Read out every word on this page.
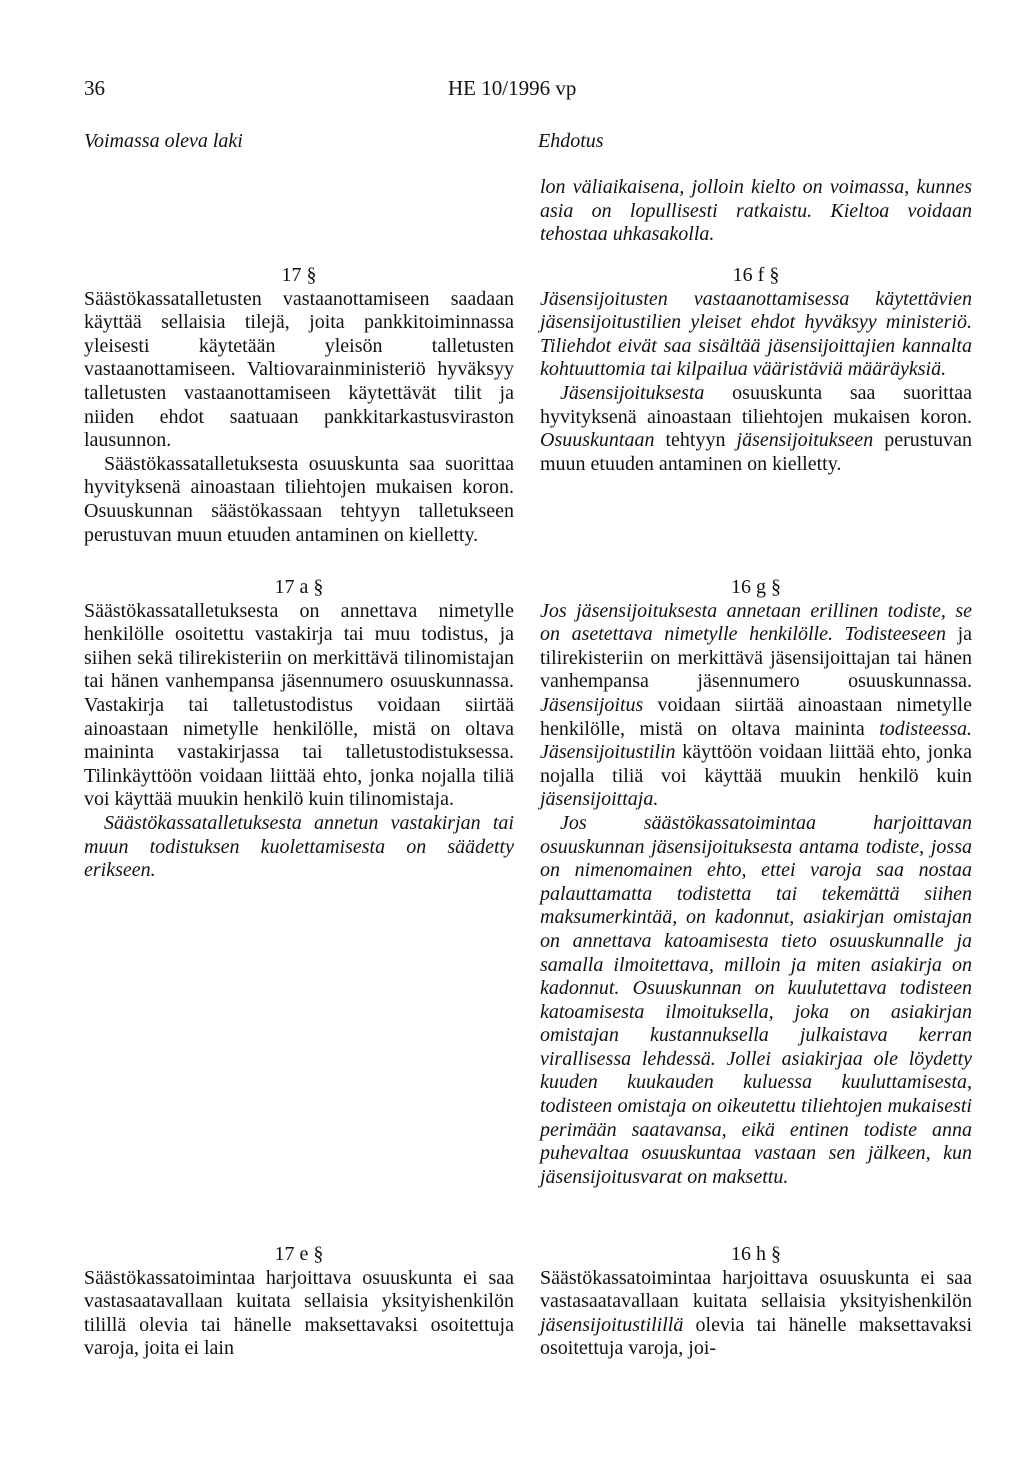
36	HE 10/1996 vp
Voimassa oleva laki	Ehdotus
17 §

Säästökassatalletusten vastaanottamiseen saadaan käyttää sellaisia tilejä, joita pankkitoiminnassa yleisesti käytetään yleisön talletusten vastaanottamiseen. Valtiovarainministeriö hyväksyy talletusten vastaanottamiseen käytettävät tilit ja niiden ehdot saatuaan pankkitarkastusviraston lausunnon.

Säästökassatalletuksesta osuuskunta saa suorittaa hyvityksenä ainoastaan tiliehtojen mukaisen koron. Osuuskunnan säästökassaan tehtyyn talletukseen perustuvan muun etuuden antaminen on kielletty.

17 a §

Säästökassatalletuksesta on annettava nimetylle henkilölle osoitettu vastakirja tai muu todistus, ja siihen sekä tilirekisteriin on merkittävä tilinomistajan tai hänen vanhempansa jäsennumero osuuskunnassa. Vastakirja tai talletustodistus voidaan siirtää ainoastaan nimetylle henkilölle, mistä on oltava maininta vastakirjassa tai talletustodistuksessa. Tilinkäyttöön voidaan liittää ehto, jonka nojalla tiliä voi käyttää muukin henkilö kuin tilinomistaja.

Säästökassatalletuksesta annetun vastakirjan tai muun todistuksen kuolettamisesta on säädetty erikseen.

17 e §

Säästökassatoimintaa harjoittava osuuskunta ei saa vastasaatavallaan kuitata sellaisia yksityishenkilön tilillä olevia tai hänelle maksettavaksi osoitettuja varoja, joita ei lain

lon väliaikaisena, jolloin kielto on voimassa, kunnes asia on lopullisesti ratkaistu. Kieltoa voidaan tehostaa uhkasakolla.
16 f §

Jäsensijoitusten vastaanottamisessa käytettävien jäsensijoitustilien yleiset ehdot hyväksyy ministeriö. Tiliehdot eivät saa sisältää jäsensijoittajien kannalta kohtuuttomia tai kilpailua vääristäviä määräyksiä.

Jäsensijoituksesta osuuskunta saa suorittaa hyvityksenä ainoastaan tiliehtojen mukaisen koron. Osuuskuntaan tehtyyn jäsensijoitukseen perustuvan muun etuuden antaminen on kielletty.

16 g §

Jos jäsensijoituksesta annetaan erillinen todiste, se on asetettava nimetylle henkilölle. Todisteeseen ja tilirekisteriin on merkittävä jäsensijoittajan tai hänen vanhempansa jäsennumero osuuskunnassa. Jäsensijoitus voidaan siirtää ainoastaan nimetylle henkilölle, mistä on oltava maininta todisteessa. Jäsensijoitustilin käyttöön voidaan liittää ehto, jonka nojalla tiliä voi käyttää muukin henkilö kuin jäsensijoittaja.

Jos säästökassatoimintaa harjoittavan osuuskunnan jäsensijoituksesta antama todiste, jossa on nimenomainen ehto, ettei varoja saa nostaa palauttamatta todistetta tai tekemättä siihen maksumerkintää, on kadonnut, asiakirjan omistajan on annettava katoamisesta tieto osuuskunnalle ja samalla ilmoitettava, milloin ja miten asiakirja on kadonnut. Osuuskunnan on kuulutettava todisteen katoamisesta ilmoituksella, joka on asiakirjan omistajan kustannuksella julkaistava kerran virallisessa lehdessä. Jollei asiakirjaa ole löydetty kuuden kuukauden kuluessa kuuluttamisesta, todisteen omistaja on oikeutettu tiliehtojen mukaisesti perimään saatavansa, eikä entinen todiste anna puhevaltaa osuuskuntaa vastaan sen jälkeen, kun jäsensijoitusvarat on maksettu.

16 h §

Säästökassatoimintaa harjoittava osuuskunta ei saa vastasaatavallaan kuitata sellaisia yksityishenkilön jäsensijoitustilillä olevia tai hänelle maksettavaksi osoitettuja varoja, joi-
